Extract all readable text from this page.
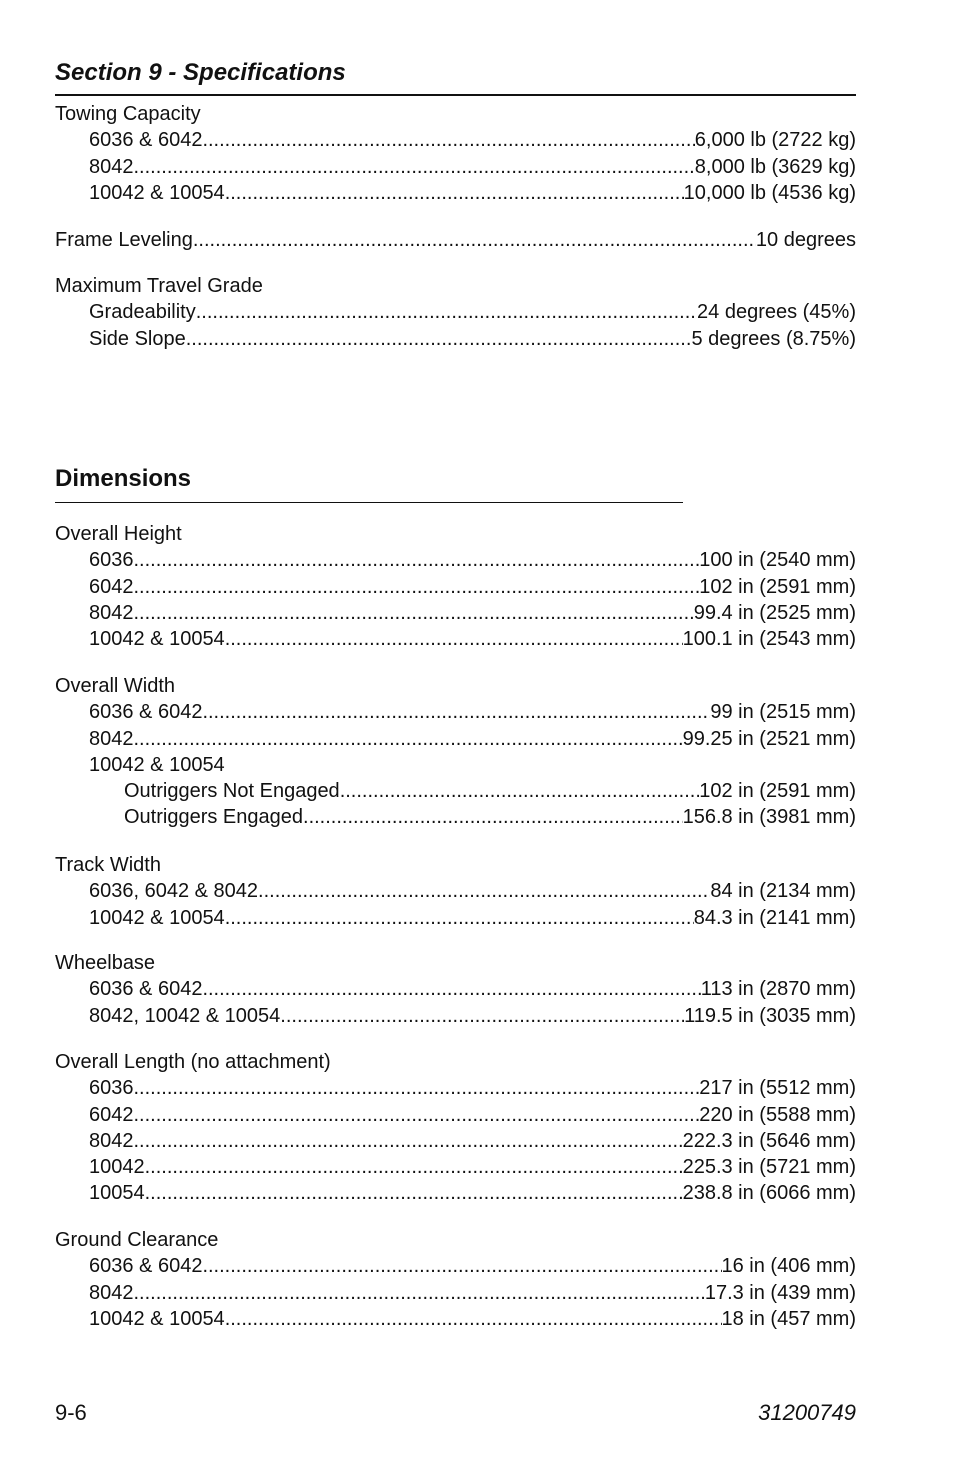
Section 9 - Specifications
Towing Capacity
6036 & 6042 .....	6,000 lb (2722 kg)
8042 .....	8,000 lb (3629 kg)
10042 & 10054 .....	10,000 lb (4536 kg)
Frame Leveling .....	10 degrees
Maximum Travel Grade
Gradeability .....	24 degrees (45%)
Side Slope .....	5 degrees (8.75%)
Dimensions
Overall Height
6036 .....	100 in (2540 mm)
6042 .....	102 in (2591 mm)
8042 .....	99.4 in (2525 mm)
10042 & 10054 .....	100.1 in (2543 mm)
Overall Width
6036 & 6042 .....	99 in (2515 mm)
8042 .....	99.25 in (2521 mm)
10042 & 10054
Outriggers Not Engaged .....	102 in (2591 mm)
Outriggers Engaged .....	156.8 in (3981 mm)
Track Width
6036, 6042 & 8042 .....	84 in (2134 mm)
10042 & 10054 .....	84.3 in (2141 mm)
Wheelbase
6036 & 6042 .....	113 in (2870 mm)
8042, 10042 & 10054 .....	119.5 in (3035 mm)
Overall Length (no attachment)
6036 .....	217 in (5512 mm)
6042 .....	220 in (5588 mm)
8042 .....	222.3 in (5646 mm)
10042 .....	225.3 in (5721 mm)
10054 .....	238.8 in (6066 mm)
Ground Clearance
6036 & 6042 .....	16 in (406 mm)
8042 .....	17.3 in (439 mm)
10042 & 10054 .....	18 in (457 mm)
9-6	31200749
